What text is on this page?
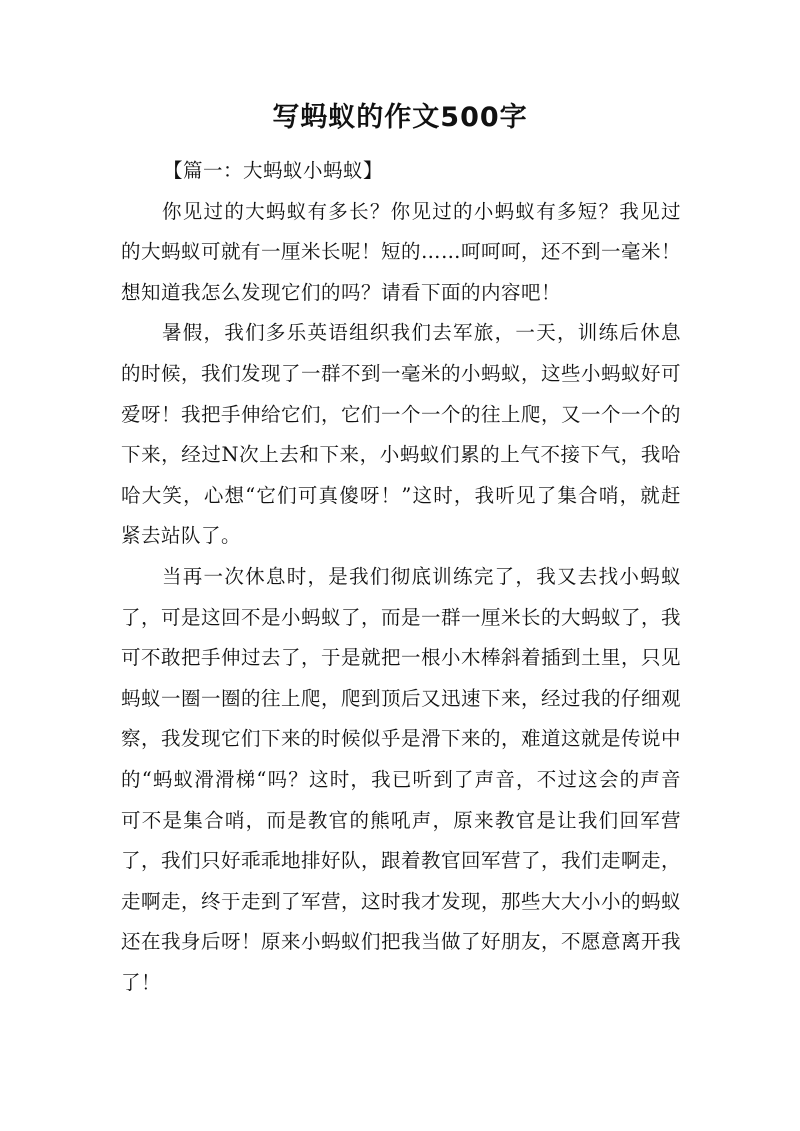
写蚂蚁的作文500字

【篇一：大蚂蚁小蚂蚁】

你见过的大蚂蚁有多长？你见过的小蚂蚁有多短？我见过的大蚂蚁可就有一厘米长呢！短的……呵呵呵，还不到一毫米！想知道我怎么发现它们的吗？请看下面的内容吧！

暑假，我们多乐英语组织我们去军旅，一天，训练后休息的时候，我们发现了一群不到一毫米的小蚂蚁，这些小蚂蚁好可爱呀！我把手伸给它们，它们一个一个的往上爬，又一个一个的下来，经过N次上去和下来，小蚂蚁们累的上气不接下气，我哈哈大笑，心想“它们可真傻呀！”这时，我听见了集合哨，就赶紧去站队了。

当再一次休息时，是我们彻底训练完了，我又去找小蚂蚁了，可是这回不是小蚂蚁了，而是一群一厘米长的大蚂蚁了，我可不敢把手伸过去了，于是就把一根小木棒斜着插到土里，只见蚂蚁一圈一圈的往上爬，爬到顶后又迅速下来，经过我的仔细观察，我发现它们下来的时候似乎是滑下来的，难道这就是传说中的“蚂蚁滑滑梯“吗？这时，我已听到了声音，不过这会的声音可不是集合哨，而是教官的熊吼声，原来教官是让我们回军营了，我们只好乖乖地排好队，跟着教官回军营了，我们走啊走，走啊走，终于走到了军营，这时我才发现，那些大大小小的蚂蚁还在我身后呀！原来小蚂蚁们把我当做了好朋友，不愿意离开我了！
